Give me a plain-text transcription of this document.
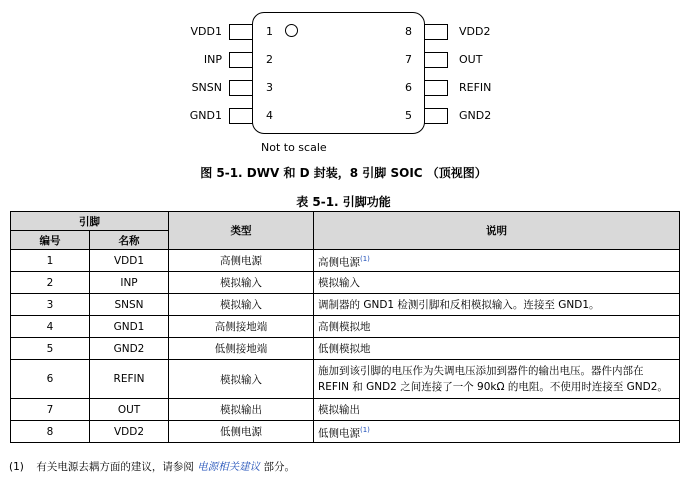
VDD1
INP
SNSN
GND1
1
2
3
4
8
7
6
5
VDD2
OUT
REFIN
GND2
Not to scale
图 5-1. DWV 和 D 封装，8 引脚 SOIC （顶视图）
表 5-1. 引脚功能
引脚		类型	说明
编号	名称		
1	VDD1	高侧电源	高侧电源$^{(1)}$
2	INP	模拟输入	模拟输入
3	SNSN	模拟输入	调制器的 GND1 检测引脚和反相模拟输入。连接至 GND1。
4	GND1	高侧接地端	高侧模拟地
5	GND2	低侧接地端	低侧模拟地
6	REFIN	模拟输入	施加到该引脚的电压作为失调电压添加到器件的输出电压。器件内部在 REFIN 和 GND2 之间连接了一个 90kΩ 的电阻。不使用时连接至 GND2。
7	OUT	模拟输出	模拟输出
8	VDD2	低侧电源	低侧电源$^{(1)}$
(1) 有关电源去耦方面的建议，请参阅 电源相关建议 部分。
